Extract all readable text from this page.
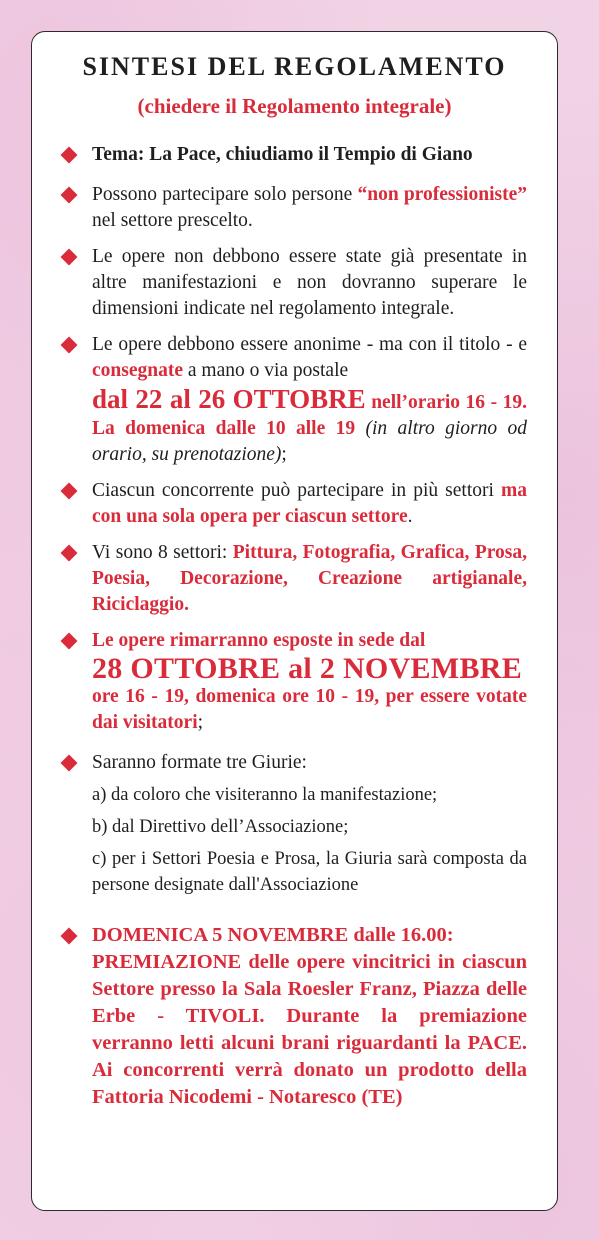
SINTESI DEL REGOLAMENTO

(chiedere il Regolamento integrale)

Tema: La Pace, chiudiamo il Tempio di Giano
Possono partecipare solo persone “non professioniste” nel settore prescelto.
Le opere non debbono essere state già presentate in altre manifestazioni e non dovranno superare le dimensioni indicate nel regolamento integrale.
Le opere debbono essere anonime - ma con il titolo - e consegnate a mano o via postale
dal 22 al 26 OTTOBRE nell’orario 16 - 19. La domenica dalle 10 alle 19 (in altro giorno od orario, su prenotazione);
Ciascun concorrente può partecipare in più settori ma con una sola opera per ciascun settore.
Vi sono 8 settori: Pittura, Fotografia, Grafica, Prosa, Poesia, Decorazione, Creazione artigianale, Riciclaggio.
Le opere rimarranno esposte in sede dal
28 OTTOBRE al 2 NOVEMBRE
ore 16 - 19, domenica ore 10 - 19, per essere votate dai visitatori;
Saranno formate tre Giurie:
a) da coloro che visiteranno la manifestazione;
b) dal Direttivo dell’Associazione;
c) per i Settori Poesia e Prosa, la Giuria sarà composta da persone designate dall'Associazione
DOMENICA 5 NOVEMBRE dalle 16.00:
PREMIAZIONE delle opere vincitrici in ciascun Settore presso la Sala Roesler Franz, Piazza delle Erbe - TIVOLI. Durante la premiazione verranno letti alcuni brani riguardanti la PACE. Ai concorrenti verrà donato un prodotto della Fattoria Nicodemi - Notaresco (TE)
